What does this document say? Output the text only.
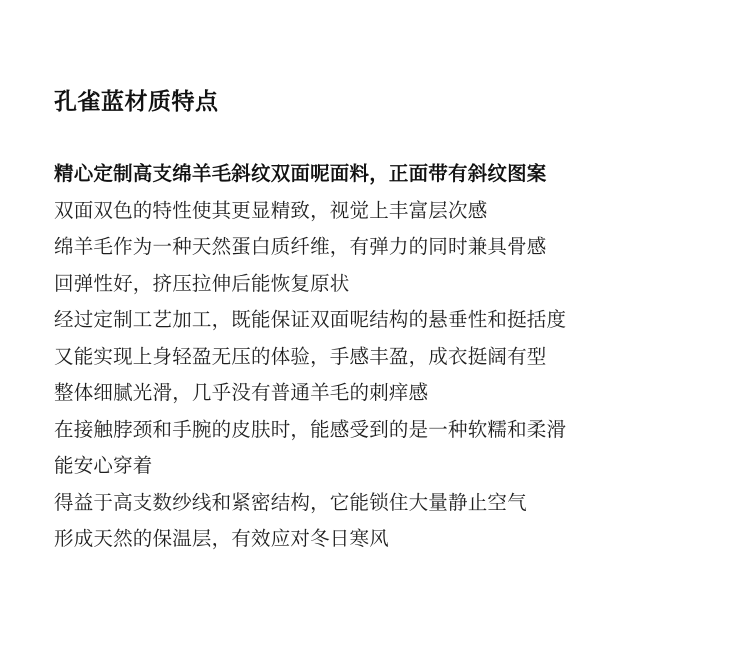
孔雀蓝材质特点
精心定制高支绵羊毛斜纹双面呢面料，正面带有斜纹图案
双面双色的特性使其更显精致，视觉上丰富层次感
绵羊毛作为一种天然蛋白质纤维，有弹力的同时兼具骨感
回弹性好，挤压拉伸后能恢复原状
经过定制工艺加工，既能保证双面呢结构的悬垂性和挺括度
又能实现上身轻盈无压的体验，手感丰盈，成衣挺阔有型
整体细腻光滑，几乎没有普通羊毛的刺痒感
在接触脖颈和手腕的皮肤时，能感受到的是一种软糯和柔滑
能安心穿着
得益于高支数纱线和紧密结构，它能锁住大量静止空气
形成天然的保温层，有效应对冬日寒风
